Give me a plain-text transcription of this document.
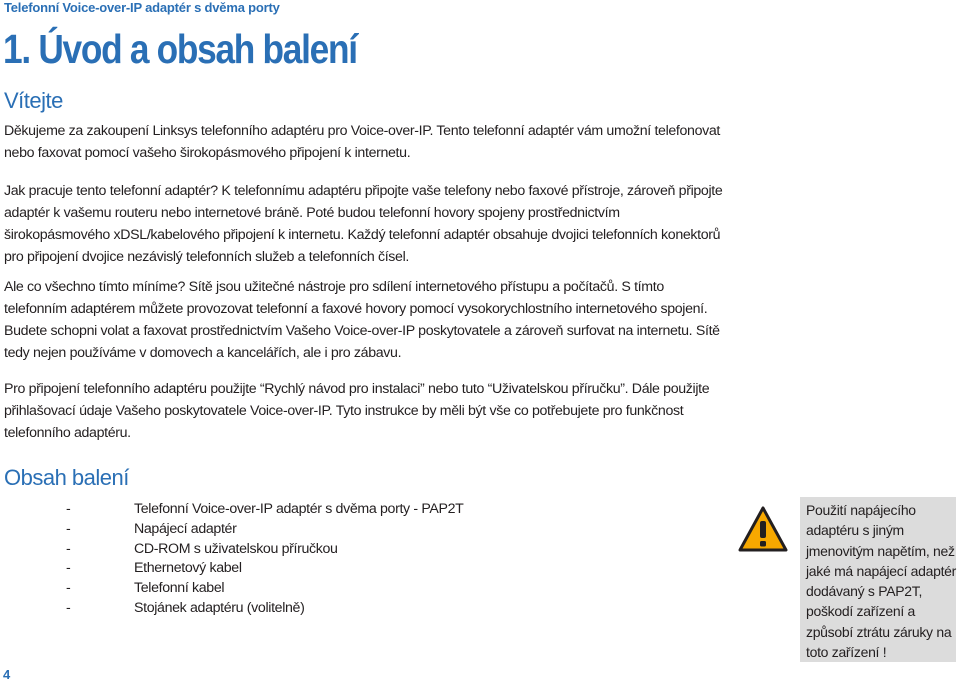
Telefonní Voice-over-IP adaptér s dvěma porty
1. Úvod a obsah balení
Vítejte
Děkujeme za zakoupení Linksys telefonního adaptéru pro Voice-over-IP. Tento telefonní adaptér vám umožní telefonovat nebo faxovat pomocí vašeho širokopásmového připojení k internetu.
Jak pracuje tento telefonní adaptér? K telefonnímu adaptéru připojte vaše telefony nebo faxové přístroje, zároveň připojte adaptér k vašemu routeru nebo internetové bráně. Poté budou telefonní hovory spojeny prostřednictvím širokopásmového xDSL/kabelového připojení k internetu. Každý telefonní adaptér obsahuje dvojici telefonních konektorů pro připojení dvojice nezávislý telefonních služeb a telefonních čísel.
Ale co všechno tímto míníme? Sítě jsou užitečné nástroje pro sdílení internetového přístupu a počítačů. S tímto telefonním adaptérem můžete provozovat telefonní a faxové hovory pomocí vysokorychlostního internetového spojení. Budete schopni volat a faxovat prostřednictvím Vašeho Voice-over-IP poskytovatele a zároveň surfovat na internetu. Sítě tedy nejen používáme v domovech a kancelářích, ale i pro zábavu.
Pro připojení telefonního adaptéru použijte “Rychlý návod pro instalaci” nebo tuto “Uživatelskou příručku”. Dále použijte přihlašovací údaje Vašeho poskytovatele Voice-over-IP. Tyto instrukce by měli být vše co potřebujete pro funkčnost telefonního adaptéru.
Obsah balení
-	Telefonní Voice-over-IP adaptér s dvěma porty - PAP2T
-	Napájecí adaptér
-	CD-ROM s uživatelskou příručkou
-	Ethernetový kabel
-	Telefonní kabel
-	Stojánek adaptéru (volitelně)
Použití napájecího adaptéru s jiným jmenovitým napětím, než jaké má napájecí adaptér dodávaný s PAP2T, poškodí zařízení a způsobí ztrátu záruky na toto zařízení !
4
